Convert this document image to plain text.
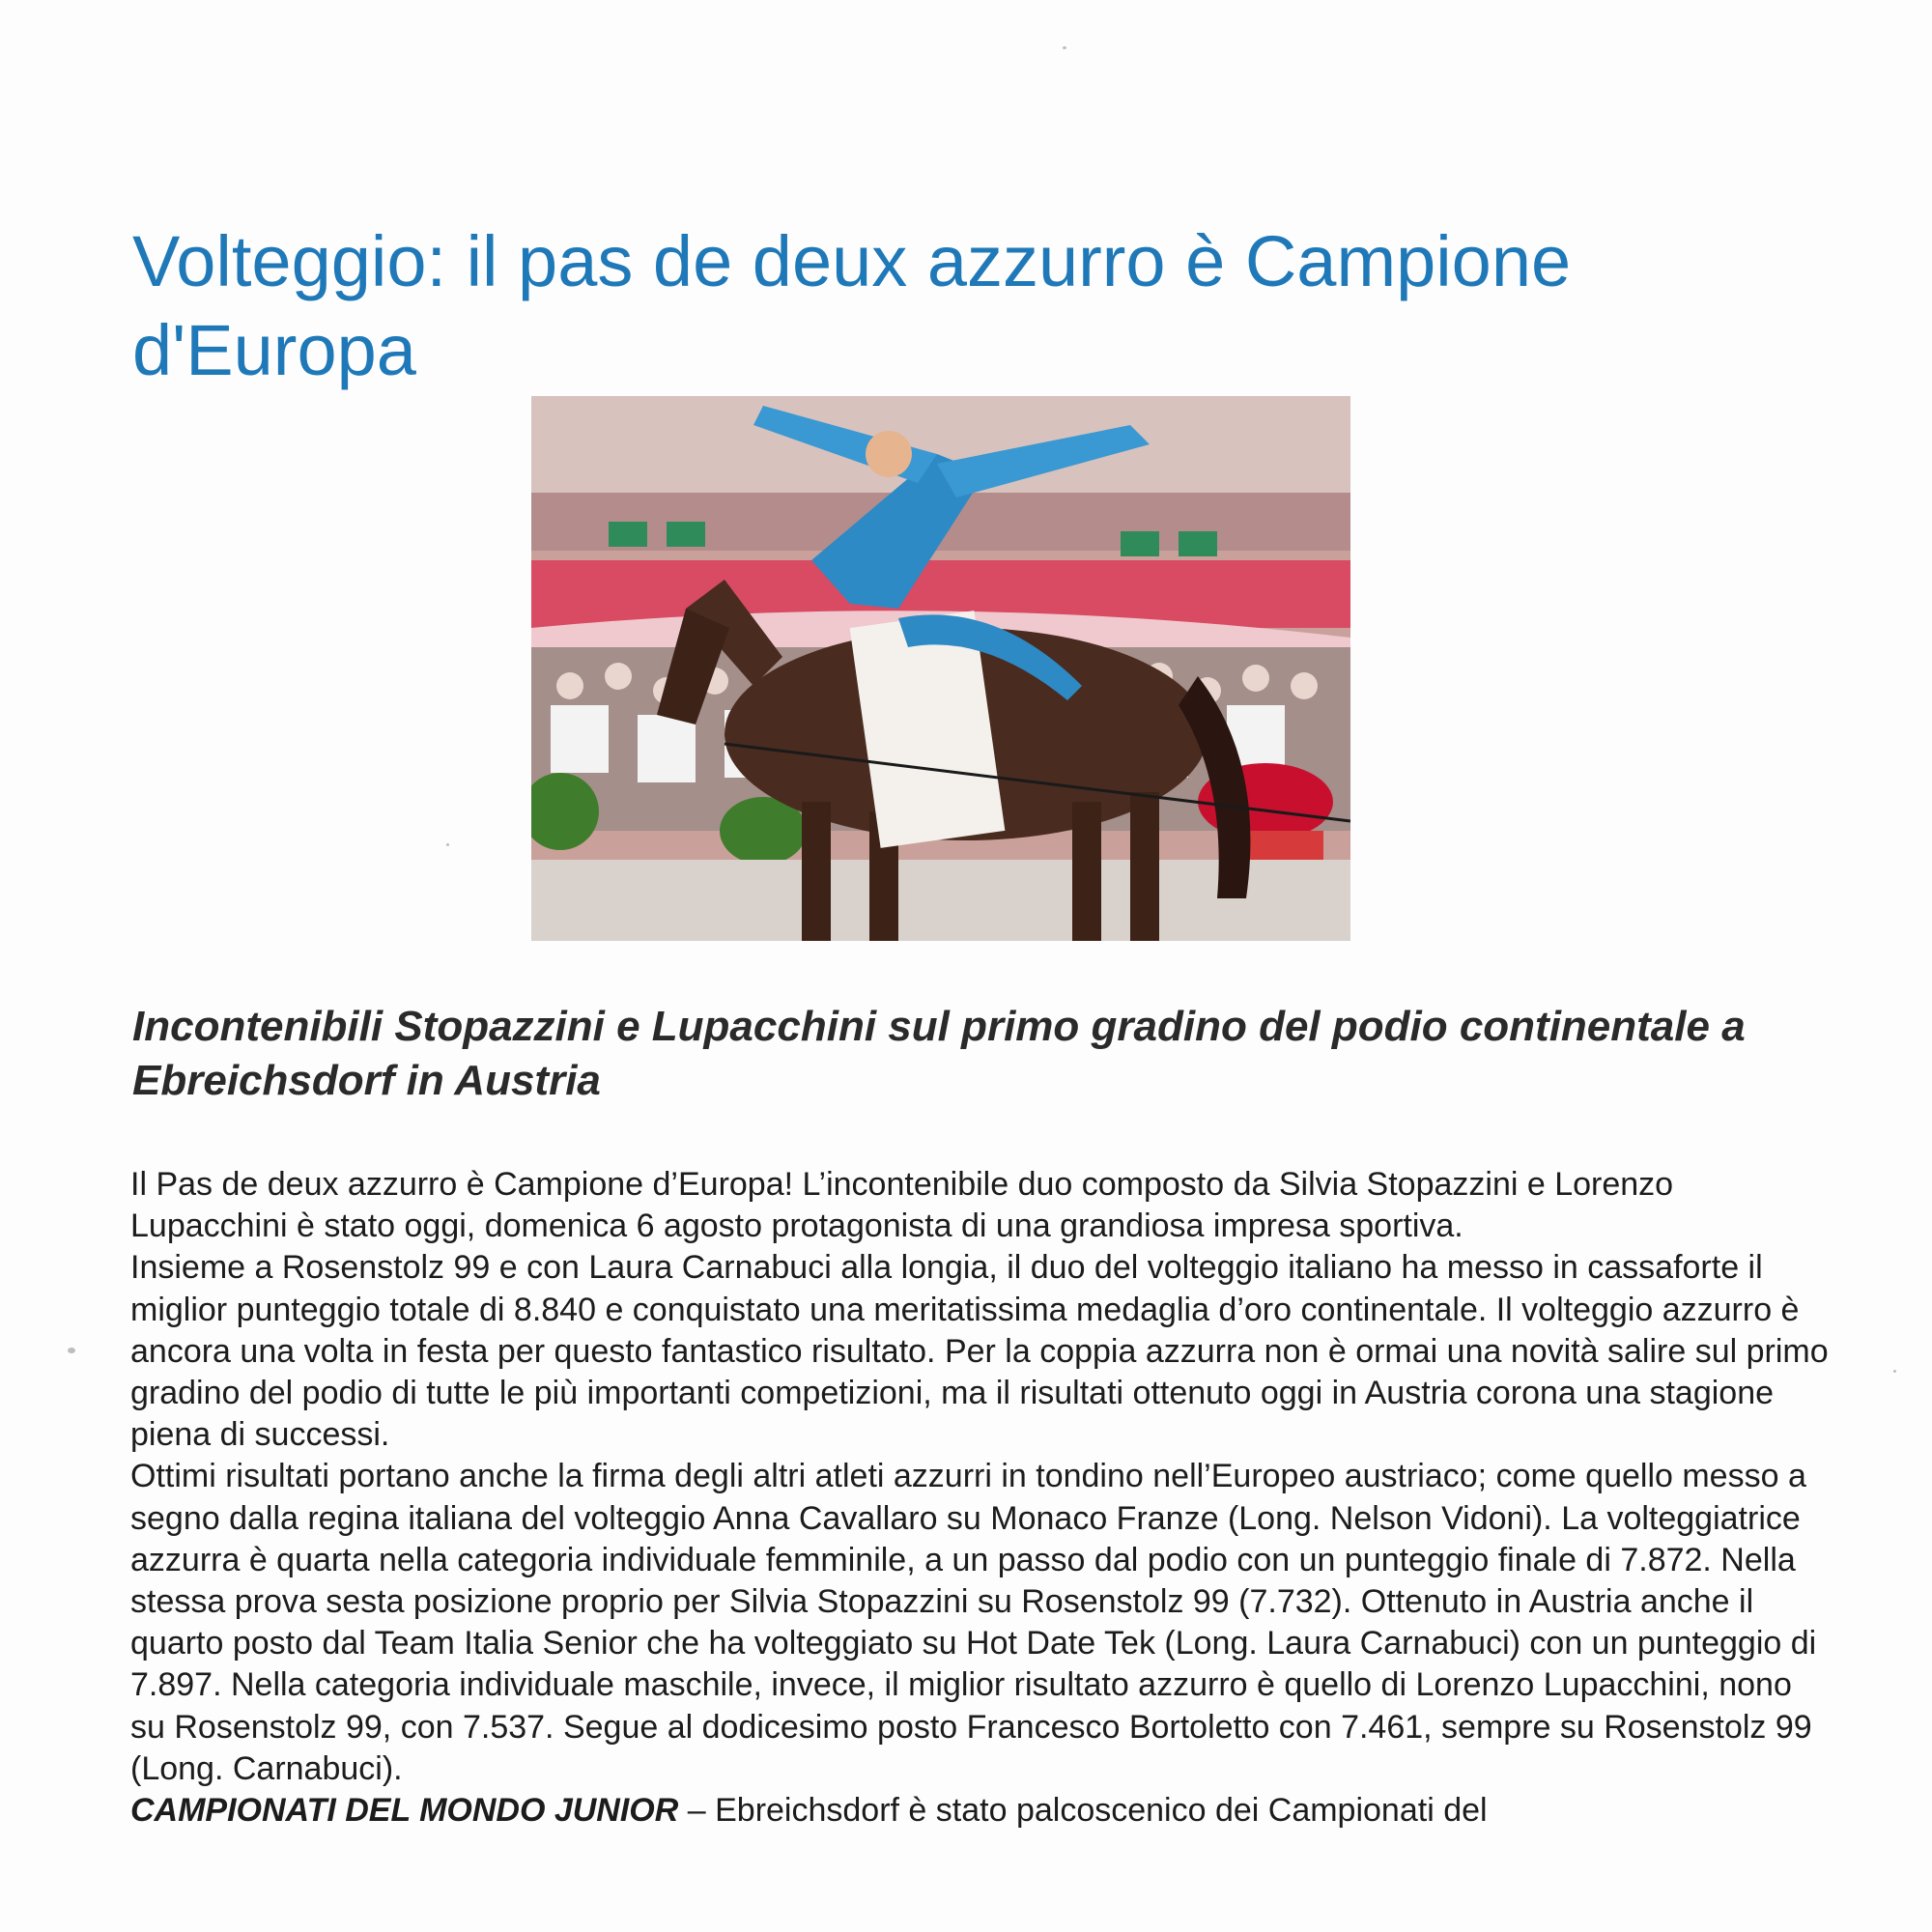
Volteggio: il pas de deux azzurro è Campione d'Europa
Incontenibili Stopazzini e Lupacchini sul primo gradino del podio continentale a Ebreichsdorf in Austria

Il Pas de deux azzurro è Campione d’Europa! L’incontenibile duo composto da Silvia Stopazzini e Lorenzo Lupacchini è stato oggi, domenica 6 agosto protagonista di una grandiosa impresa sportiva.

Insieme a Rosenstolz 99 e con Laura Carnabuci alla longia, il duo del volteggio italiano ha messo in cassaforte il miglior punteggio totale di 8.840 e conquistato una meritatissima medaglia d’oro continentale. Il volteggio azzurro è ancora una volta in festa per questo fantastico risultato. Per la coppia azzurra non è ormai una novità salire sul primo gradino del podio di tutte le più importanti competizioni, ma il risultati ottenuto oggi in Austria corona una stagione piena di successi.

Ottimi risultati portano anche la firma degli altri atleti azzurri in tondino nell’Europeo austriaco; come quello messo a segno dalla regina italiana del volteggio Anna Cavallaro su Monaco Franze (Long. Nelson Vidoni). La volteggiatrice azzurra è quarta nella categoria individuale femminile, a un passo dal podio con un punteggio finale di 7.872. Nella stessa prova sesta posizione proprio per Silvia Stopazzini su Rosenstolz 99 (7.732). Ottenuto in Austria anche il quarto posto dal Team Italia Senior che ha volteggiato su Hot Date Tek (Long. Laura Carnabuci) con un punteggio di 7.897. Nella categoria individuale maschile, invece, il miglior risultato azzurro è quello di Lorenzo Lupacchini, nono su Rosenstolz 99, con 7.537. Segue al dodicesimo posto Francesco Bortoletto con 7.461, sempre su Rosenstolz 99 (Long. Carnabuci).

CAMPIONATI DEL MONDO JUNIOR – Ebreichsdorf è stato palcoscenico dei Campionati del
